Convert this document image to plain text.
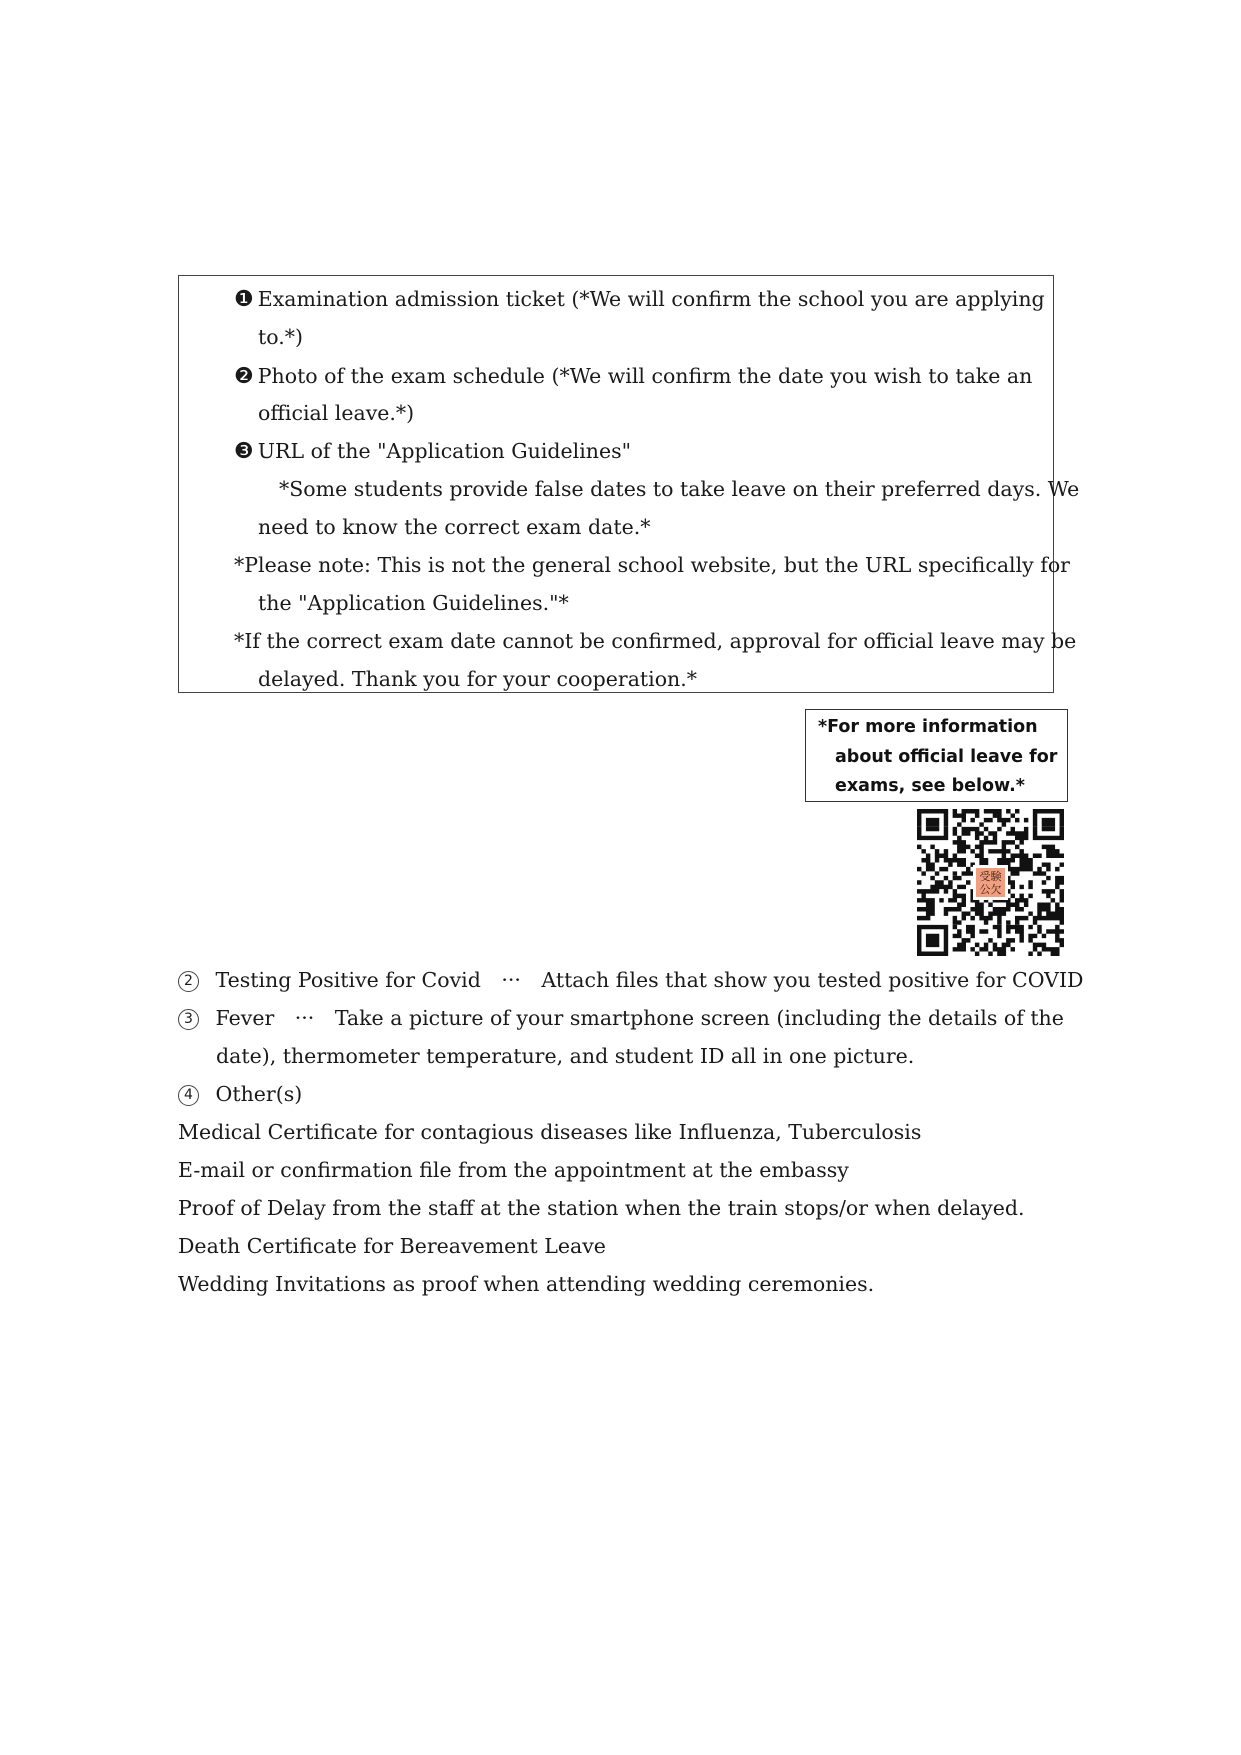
❶ Examination admission ticket (*We will confirm the school you are applying
to.*)
❷ Photo of the exam schedule (*We will confirm the date you wish to take an
official leave.*)
❸ URL of the "Application Guidelines"
*Some students provide false dates to take leave on their preferred days. We
need to know the correct exam date.*
*Please note: This is not the general school website, but the URL specifically for
the "Application Guidelines."*
*If the correct exam date cannot be confirmed, approval for official leave may be
delayed. Thank you for your cooperation.*
*For more information
about official leave for
exams, see below.*
受験
公欠
2 Testing Positive for Covid　···　Attach files that show you tested positive for COVID
3 Fever　···　Take a picture of your smartphone screen (including the details of the
date), thermometer temperature, and student ID all in one picture.
4 Other(s)
Medical Certificate for contagious diseases like Influenza, Tuberculosis
E-mail or confirmation file from the appointment at the embassy
Proof of Delay from the staff at the station when the train stops/or when delayed.
Death Certificate for Bereavement Leave
Wedding Invitations as proof when attending wedding ceremonies.
